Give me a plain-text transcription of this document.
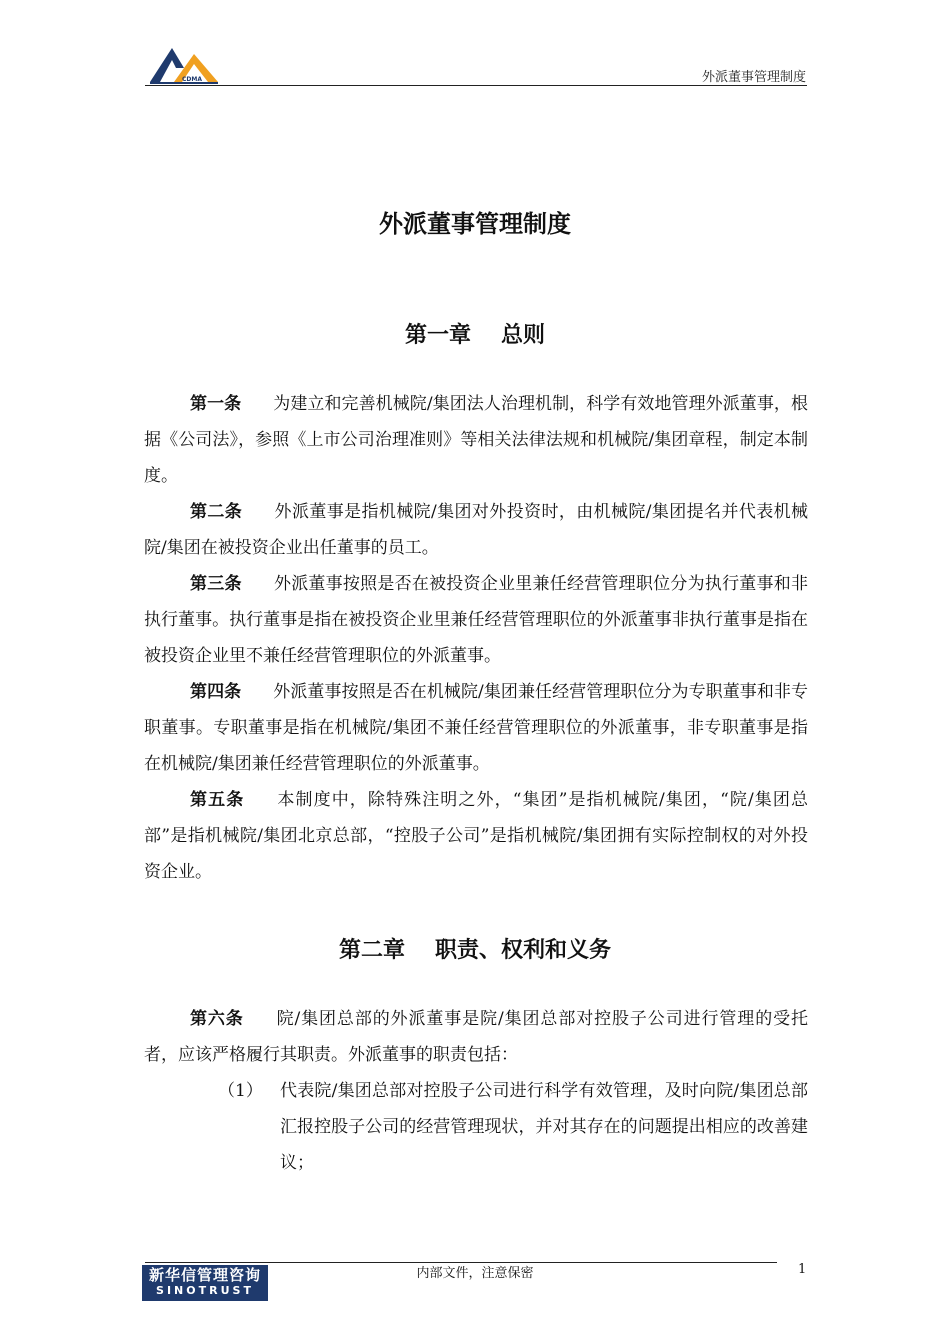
CDMA	外派董事管理制度
外派董事管理制度
第一章 总则

第一条 为建立和完善机械院/集团法人治理机制，科学有效地管理外派董事，根据《公司法》，参照《上市公司治理准则》等相关法律法规和机械院/集团章程，制定本制度。

第二条 外派董事是指机械院/集团对外投资时，由机械院/集团提名并代表机械院/集团在被投资企业出任董事的员工。

第三条 外派董事按照是否在被投资企业里兼任经营管理职位分为执行董事和非执行董事。执行董事是指在被投资企业里兼任经营管理职位的外派董事非执行董事是指在被投资企业里不兼任经营管理职位的外派董事。

第四条 外派董事按照是否在机械院/集团兼任经营管理职位分为专职董事和非专职董事。专职董事是指在机械院/集团不兼任经营管理职位的外派董事，非专职董事是指在机械院/集团兼任经营管理职位的外派董事。

第五条 本制度中，除特殊注明之外，“集团”是指机械院/集团，“院/集团总部”是指机械院/集团北京总部，“控股子公司”是指机械院/集团拥有实际控制权的对外投资企业。

第二章 职责、权利和义务

第六条 院/集团总部的外派董事是院/集团总部对控股子公司进行管理的受托者，应该严格履行其职责。外派董事的职责包括：

（1） 代表院/集团总部对控股子公司进行科学有效管理，及时向院/集团总部汇报控股子公司的经营管理现状，并对其存在的问题提出相应的改善建议；
新华信管理咨询
SINOTRUST
内部文件，注意保密	1
